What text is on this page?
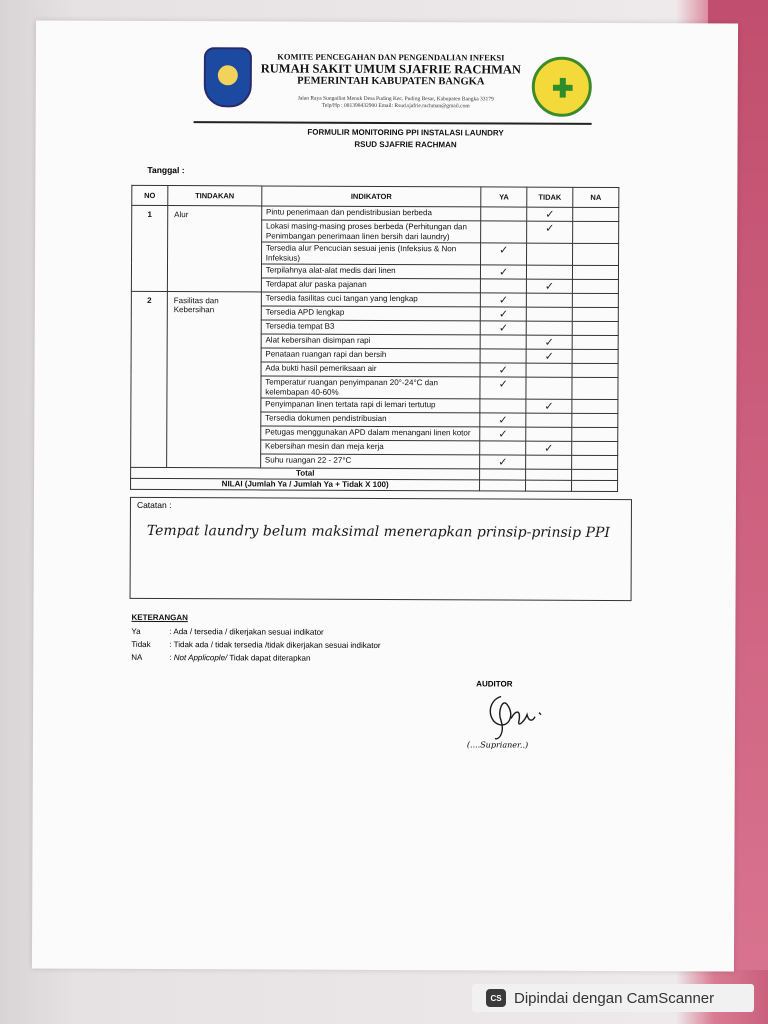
KOMITE PENCEGAHAN DAN PENGENDALIAN INFEKSI
RUMAH SAKIT UMUM SJAFRIE RACHMAN
PEMERINTAH KABUPATEN BANGKA
Jalan Raya Sungailiat Menuk Desa Puding Kec. Puding Besar, Kabupaten Bangka 33179
Telp/Hp : 081398432900 Email: Rsud.sjafrie.rachman@gmail.com
FORMULIR MONITORING PPI INSTALASI LAUNDRY
RSUD SJAFRIE RACHMAN
Tanggal :
NO	TINDAKAN	INDIKATOR	YA	TIDAK	NA
1	Alur	Pintu penerimaan dan pendistribusian berbeda		✓	
		Lokasi masing-masing proses berbeda (Perhitungan dan Penimbangan penerimaan linen bersih dari laundry)		✓	
		Tersedia alur Pencucian sesuai jenis (Infeksius & Non Infeksius)	✓		
		Terpilahnya alat-alat medis dari linen	✓		
		Terdapat alur paska pajanan		✓	
2	Fasilitas dan Kebersihan	Tersedia fasilitas cuci tangan yang lengkap	✓		
		Tersedia APD lengkap	✓		
		Tersedia tempat B3	✓		
		Alat kebersihan disimpan rapi		✓	
		Penataan ruangan rapi dan bersih		✓	
		Ada bukti hasil pemeriksaan air	✓		
		Temperatur ruangan penyimpanan 20°-24°C dan kelembapan 40-60%	✓		
		Penyimpanan linen tertata rapi di lemari tertutup		✓	
		Tersedia dokumen pendistribusian	✓		
		Petugas menggunakan APD dalam menangani linen kotor	✓		
		Kebersihan mesin dan meja kerja		✓	
		Suhu ruangan 22 - 27°C	✓		
Total					
NILAI (Jumlah Ya / Jumlah Ya + Tidak X 100)					
Catatan :
Tempat laundry belum maksimal menerapkan prinsip-prinsip PPI
KETERANGAN
Ya	: Ada / tersedia / dikerjakan sesuai indikator
Tidak : Tidak ada / tidak tersedia /tidak dikerjakan sesuai indikator
NA	: Not Applicople/ Tidak dapat diterapkan
AUDITOR
(....Suprianer..)
CS Dipindai dengan CamScanner
